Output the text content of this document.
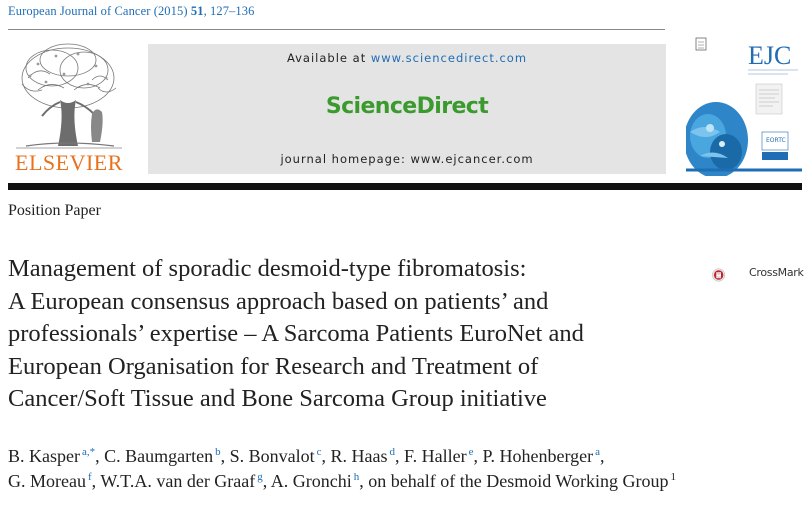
European Journal of Cancer (2015) 51, 127–136
ELSEVIER
Available at www.sciencedirect.com
ScienceDirect
journal homepage: www.ejcancer.com
EJC
EORTC
Position Paper
Management of sporadic desmoid-type fibromatosis:
A European consensus approach based on patients’ and
professionals’ expertise – A Sarcoma Patients EuroNet and
European Organisation for Research and Treatment of
Cancer/Soft Tissue and Bone Sarcoma Group initiative
CrossMark
B. Kasper $^{a,*}$, C. Baumgarten $^b$, S. Bonvalot $^c$, R. Haas $^d$, F. Haller $^e$, P. Hohenberger $^a$,
G. Moreau $^f$, W.T.A. van der Graaf $^g$, A. Gronchi $^h$, on behalf of the Desmoid Working Group $^1$
